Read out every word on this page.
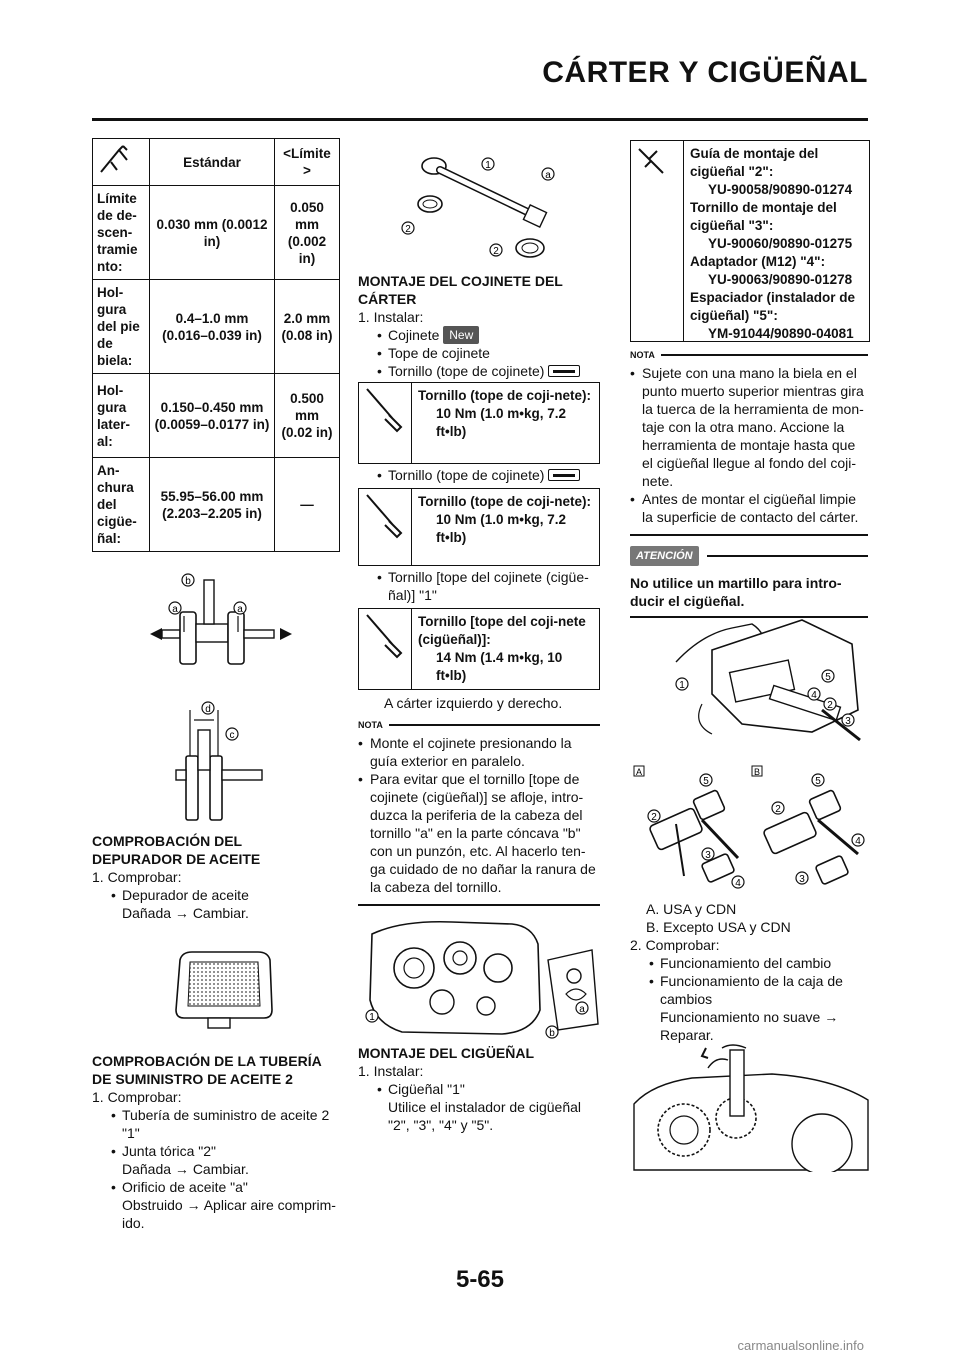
CÁRTER Y CIGÜEÑAL
	Estándar	<Límite >
Límite de de-scen-tramie nto:	0.030 mm (0.0012 in)	0.050 mm (0.002 in)
Hol-gura del pie de biela:	0.4–1.0 mm (0.016–0.039 in)	2.0 mm (0.08 in)
Hol-gura later-al:	0.150–0.450 mm (0.0059–0.0177 in)	0.500 mm (0.02 in)
An-chura del cigüe-ñal:	55.95–56.00 mm (2.203–2.205 in)	—
a	a
b
d
c
COMPROBACIÓN DEL DEPURADOR DE ACEITE
1. Comprobar:
• Depurador de aceite
Dañada → Cambiar.
COMPROBACIÓN DE LA TUBERÍA DE SUMINISTRO DE ACEITE 2
1. Comprobar:
• Tubería de suministro de aceite 2 "1"
• Junta tórica "2"
Dañada → Cambiar.
• Orificio de aceite "a"
Obstruido → Aplicar aire comprim-ido.
1
a
2
2
MONTAJE DEL COJINETE DEL CÁRTER
1. Instalar:
• Cojinete New
• Tope de cojinete
• Tornillo (tope de cojinete)
Tornillo (tope de coji-nete):
10 Nm (1.0 m•kg, 7.2 ft•lb)
• Tornillo (tope de cojinete)
Tornillo (tope de coji-nete):
10 Nm (1.0 m•kg, 7.2 ft•lb)
• Tornillo [tope del cojinete (cigüe-ñal)] "1"
Tornillo [tope del coji-nete (cigüeñal)]:
14 Nm (1.4 m•kg, 10 ft•lb)
A cárter izquierdo y derecho.
NOTA
• Monte el cojinete presionando la guía exterior en paralelo.
• Para evitar que el tornillo [tope de cojinete (cigüeñal)] se afloje, intro-duzca la periferia de la cabeza del tornillo "a" en la parte cóncava "b" con un punzón, etc. Al hacerlo ten-ga cuidado de no dañar la ranura de la cabeza del tornillo.
1
a
b
MONTAJE DEL CIGÜEÑAL
1. Instalar:
• Cigüeñal "1"
Utilice el instalador de cigüeñal "2", "3", "4" y "5".
Guía de montaje del cigüeñal "2":
YU-90058/90890-01274
Tornillo de montaje del cigüeñal "3":
YU-90060/90890-01275
Adaptador (M12) "4":
YU-90063/90890-01278
Espaciador (instalador de cigüeñal) "5":
YM-91044/90890-04081
NOTA
• Sujete con una mano la biela en el punto muerto superior mientras gira la tuerca de la herramienta de mon-taje con la otra mano. Accione la herramienta de montaje hasta que el cigüeñal llegue al fondo del coji-nete.
• Antes de montar el cigüeñal limpie la superficie de contacto del cárter.
ATENCIÓN
No utilice un martillo para intro-ducir el cigüeñal.
1
5
4
2
3
A	B
5
2
3
4
5
2
4
3
A. USA y CDN
B. Excepto USA y CDN
2. Comprobar:
• Funcionamiento del cambio
• Funcionamiento de la caja de cambios
Funcionamiento no suave →
Reparar.
5-65
carmanualsonline.info
